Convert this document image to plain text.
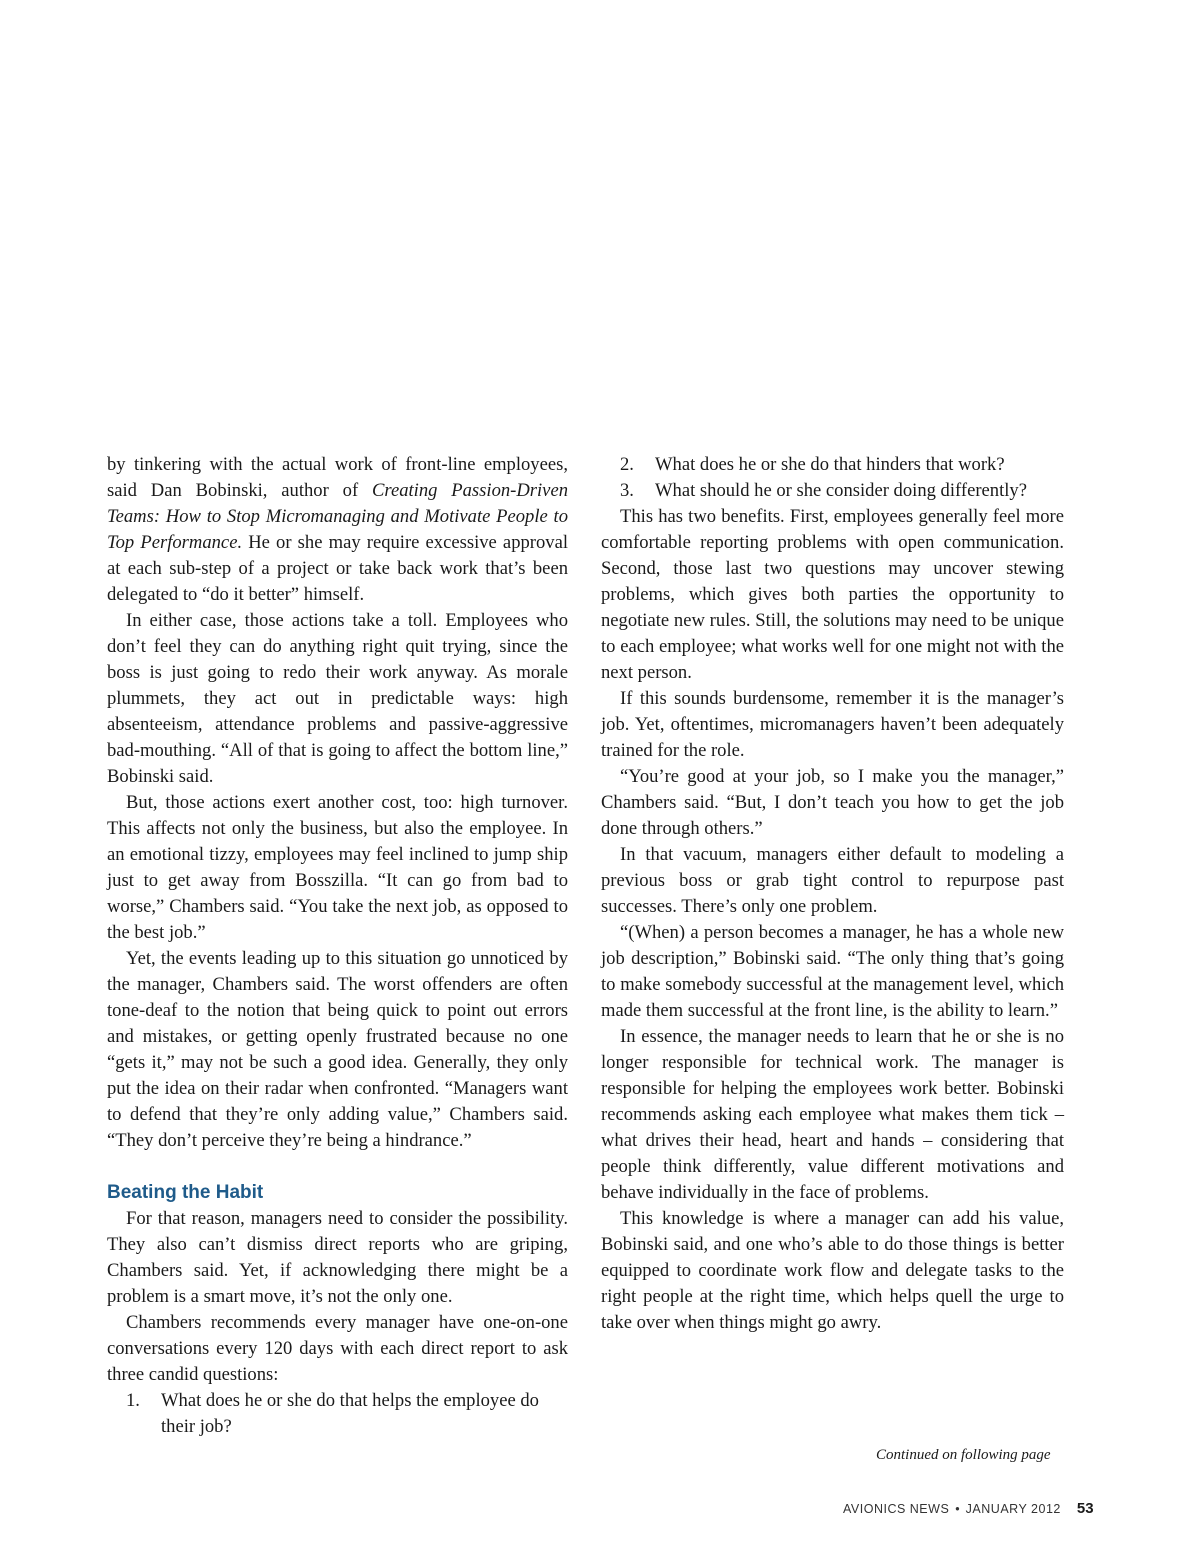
by tinkering with the actual work of front-line employees, said Dan Bobinski, author of Creating Passion-Driven Teams: How to Stop Micromanaging and Motivate People to Top Performance. He or she may require excessive approval at each sub-step of a project or take back work that’s been delegated to “do it better” himself.

In either case, those actions take a toll. Employees who don’t feel they can do anything right quit trying, since the boss is just going to redo their work anyway. As morale plummets, they act out in predictable ways: high absenteeism, attendance problems and passive-aggressive bad-mouthing. “All of that is going to affect the bottom line,” Bobinski said.

But, those actions exert another cost, too: high turnover. This affects not only the business, but also the employee. In an emotional tizzy, employees may feel inclined to jump ship just to get away from Bosszilla. “It can go from bad to worse,” Chambers said. “You take the next job, as opposed to the best job.”

Yet, the events leading up to this situation go unnoticed by the manager, Chambers said. The worst offenders are often tone-deaf to the notion that being quick to point out errors and mistakes, or getting openly frustrated because no one “gets it,” may not be such a good idea. Generally, they only put the idea on their radar when confronted. “Managers want to defend that they’re only adding value,” Chambers said. “They don’t perceive they’re being a hindrance.”

Beating the Habit

For that reason, managers need to consider the possibility. They also can’t dismiss direct reports who are griping, Chambers said. Yet, if acknowledging there might be a problem is a smart move, it’s not the only one.

Chambers recommends every manager have one-on-one conversations every 120 days with each direct report to ask three candid questions:

1. What does he or she do that helps the employee do their job?
2. What does he or she do that hinders that work?
3. What should he or she consider doing differently?

This has two benefits. First, employees generally feel more comfortable reporting problems with open communication. Second, those last two questions may uncover stewing problems, which gives both parties the opportunity to negotiate new rules. Still, the solutions may need to be unique to each employee; what works well for one might not with the next person.

If this sounds burdensome, remember it is the manager’s job. Yet, oftentimes, micromanagers haven’t been adequately trained for the role.

“You’re good at your job, so I make you the manager,” Chambers said. “But, I don’t teach you how to get the job done through others.”

In that vacuum, managers either default to modeling a previous boss or grab tight control to repurpose past successes. There’s only one problem.

“(When) a person becomes a manager, he has a whole new job description,” Bobinski said. “The only thing that’s going to make somebody successful at the management level, which made them successful at the front line, is the ability to learn.”

In essence, the manager needs to learn that he or she is no longer responsible for technical work. The manager is responsible for helping the employees work better. Bobinski recommends asking each employee what makes them tick – what drives their head, heart and hands – considering that people think differently, value different motivations and behave individually in the face of problems.

This knowledge is where a manager can add his value, Bobinski said, and one who’s able to do those things is better equipped to coordinate work flow and delegate tasks to the right people at the right time, which helps quell the urge to take over when things might go awry.

Continued on following page
AVIONICS NEWS • JANUARY 2012 53
